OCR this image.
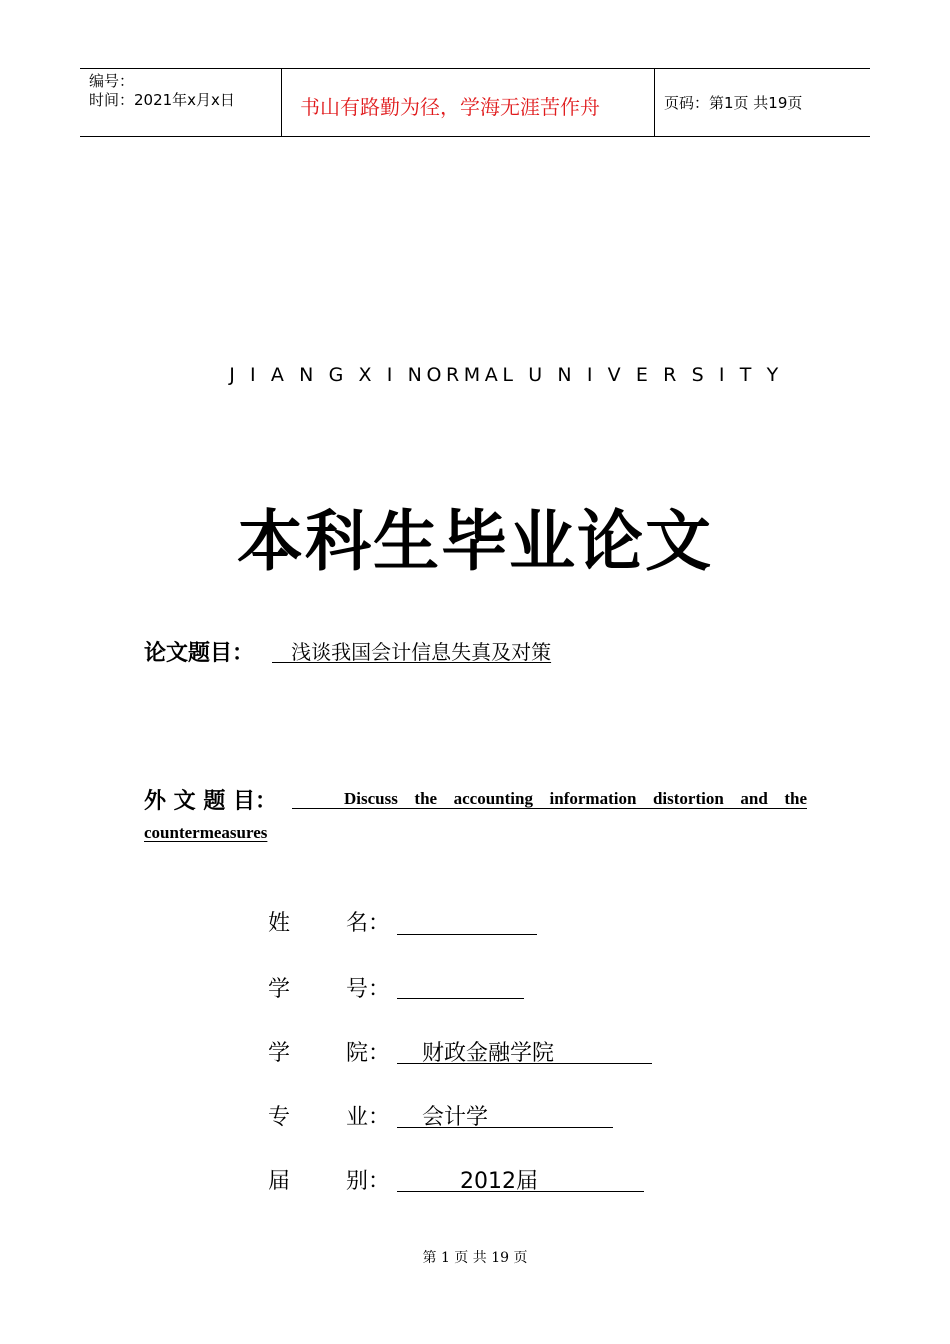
编号：
时间：2021年x月x日	书山有路勤为径，学海无涯苦作舟	页码：第1页 共19页
J I A N G X I NORMAL U N I V E R S I T Y
本科生毕业论文
论文题目： 浅谈我国会计信息失真及对策
外 文 题 目：	Discuss the accounting information distortion and the
countermeasures
姓	名：
学	号：
学	院： 财政金融学院
专	业： 会计学
届	别：	2012届
第 1 页 共 19 页
